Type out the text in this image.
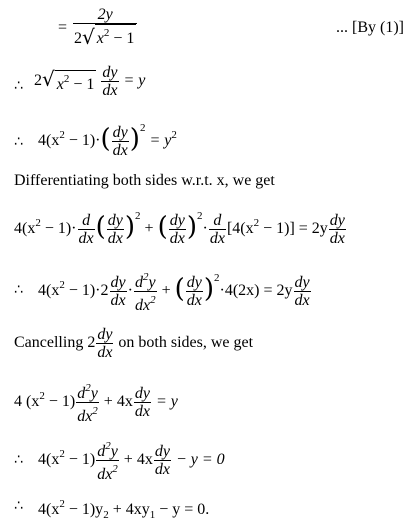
= $\frac{2y}{2√ x^2 - 1}$	... [By (1)]
∴ 2√ $x^2 - 1 \frac{dy}{dx} = y$
∴ $4(x^2 - 1)\cdot( \frac{dy}{dx} )^2 = y^2$
Differentiating both sides w.r.t. x, we get
$4(x^2 - 1)\cdot \frac{d}{dx}$ ( $\frac{dy}{dx} )^2$ + ( $\frac{dy}{dx} )^2\cdot \frac{d}{dx} [4(x^2 - 1)] = 2y \frac{dy}{dx}$
∴ $4(x^2 - 1)\cdot 2 \frac{dy}{dx} \cdot \frac{d^2y}{dx^2}$ + ( $\frac{dy}{dx} )^2\cdot 4(2x) = 2y \frac{dy}{dx}$
Cancelling $2 \frac{dy}{dx}$ on both sides, we get
4 $(x^2 - 1) \frac{d^2y}{dx^2} + 4x \frac{dy}{dx} = y$
∴ $4(x^2 - 1) \frac{d^2y}{dx^2} + 4x \frac{dy}{dx} - y = 0$
∴ $4(x^2 - 1)y_2 + 4xy_1 - y = 0$.
